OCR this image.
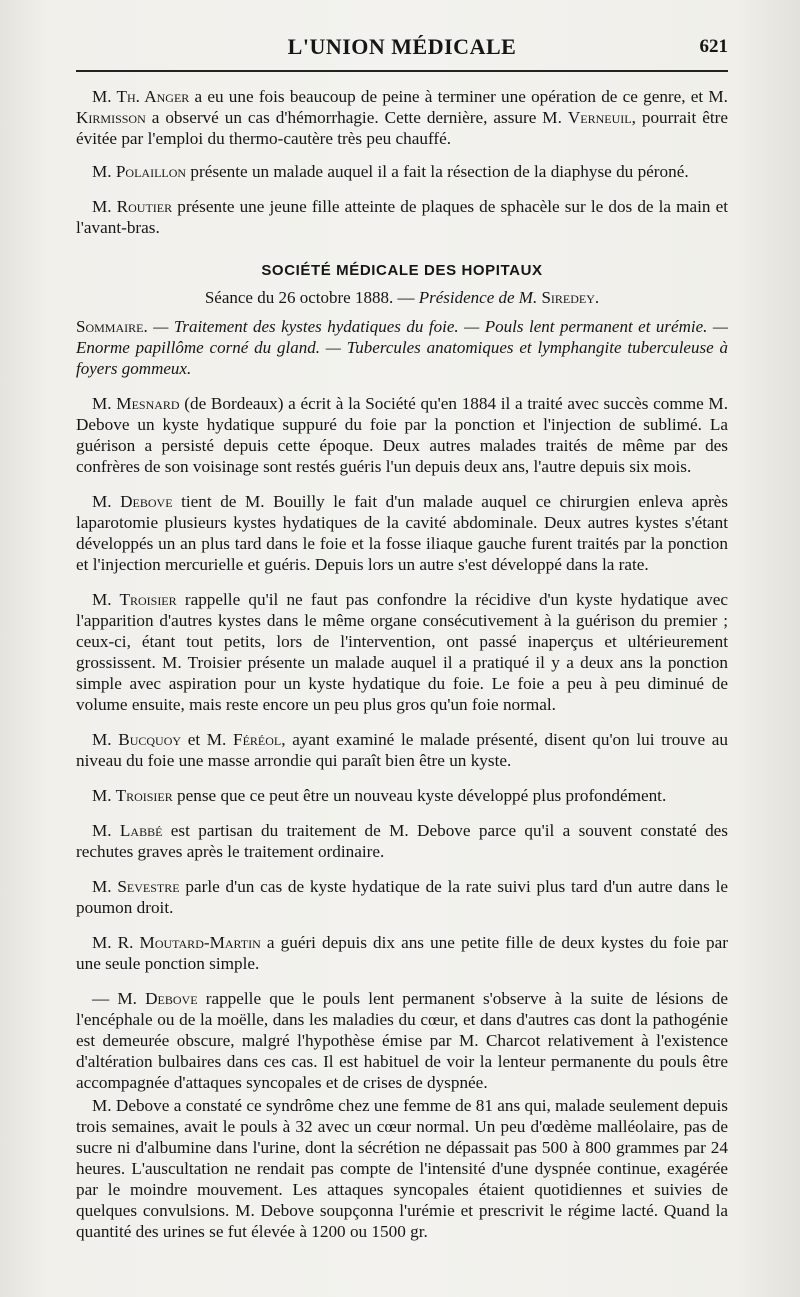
L'UNION MÉDICALE	621

M. Th. Anger a eu une fois beaucoup de peine à terminer une opération de ce genre, et M. Kirmisson a observé un cas d'hémorrhagie. Cette dernière, assure M. Verneuil, pourrait être évitée par l'emploi du thermo-cautère très peu chauffé.

M. Polaillon présente un malade auquel il a fait la résection de la diaphyse du péroné.

M. Routier présente une jeune fille atteinte de plaques de sphacèle sur le dos de la main et l'avant-bras.

SOCIÉTÉ MÉDICALE DES HOPITAUX
Séance du 26 octobre 1888. — Présidence de M. Siredey.
Sommaire. — Traitement des kystes hydatiques du foie. — Pouls lent permanent et urémie. — Enorme papillôme corné du gland. — Tubercules anatomiques et lymphangite tuberculeuse à foyers gommeux.

M. Mesnard (de Bordeaux) a écrit à la Société qu'en 1884 il a traité avec succès comme M. Debove un kyste hydatique suppuré du foie par la ponction et l'injection de sublimé. La guérison a persisté depuis cette époque. Deux autres malades traités de même par des confrères de son voisinage sont restés guéris l'un depuis deux ans, l'autre depuis six mois.

M. Debove tient de M. Bouilly le fait d'un malade auquel ce chirurgien enleva après laparotomie plusieurs kystes hydatiques de la cavité abdominale. Deux autres kystes s'étant développés un an plus tard dans le foie et la fosse iliaque gauche furent traités par la ponction et l'injection mercurielle et guéris. Depuis lors un autre s'est développé dans la rate.

M. Troisier rappelle qu'il ne faut pas confondre la récidive d'un kyste hydatique avec l'apparition d'autres kystes dans le même organe consécutivement à la guérison du premier ; ceux-ci, étant tout petits, lors de l'intervention, ont passé inaperçus et ultérieurement grossissent. M. Troisier présente un malade auquel il a pratiqué il y a deux ans la ponction simple avec aspiration pour un kyste hydatique du foie. Le foie a peu à peu diminué de volume ensuite, mais reste encore un peu plus gros qu'un foie normal.

M. Bucquoy et M. Féréol, ayant examiné le malade présenté, disent qu'on lui trouve au niveau du foie une masse arrondie qui paraît bien être un kyste.

M. Troisier pense que ce peut être un nouveau kyste développé plus profondément.

M. Labbé est partisan du traitement de M. Debove parce qu'il a souvent constaté des rechutes graves après le traitement ordinaire.

M. Sevestre parle d'un cas de kyste hydatique de la rate suivi plus tard d'un autre dans le poumon droit.

M. R. Moutard-Martin a guéri depuis dix ans une petite fille de deux kystes du foie par une seule ponction simple.

— M. Debove rappelle que le pouls lent permanent s'observe à la suite de lésions de l'encéphale ou de la moëlle, dans les maladies du cœur, et dans d'autres cas dont la pathogénie est demeurée obscure, malgré l'hypothèse émise par M. Charcot relativement à l'existence d'altération bulbaires dans ces cas. Il est habituel de voir la lenteur permanente du pouls être accompagnée d'attaques syncopales et de crises de dyspnée.

M. Debove a constaté ce syndrôme chez une femme de 81 ans qui, malade seulement depuis trois semaines, avait le pouls à 32 avec un cœur normal. Un peu d'œdème malléolaire, pas de sucre ni d'albumine dans l'urine, dont la sécrétion ne dépassait pas 500 à 800 grammes par 24 heures. L'auscultation ne rendait pas compte de l'intensité d'une dyspnée continue, exagérée par le moindre mouvement. Les attaques syncopales étaient quotidiennes et suivies de quelques convulsions. M. Debove soupçonna l'urémie et prescrivit le régime lacté. Quand la quantité des urines se fut élevée à 1200 ou 1500 gr.
